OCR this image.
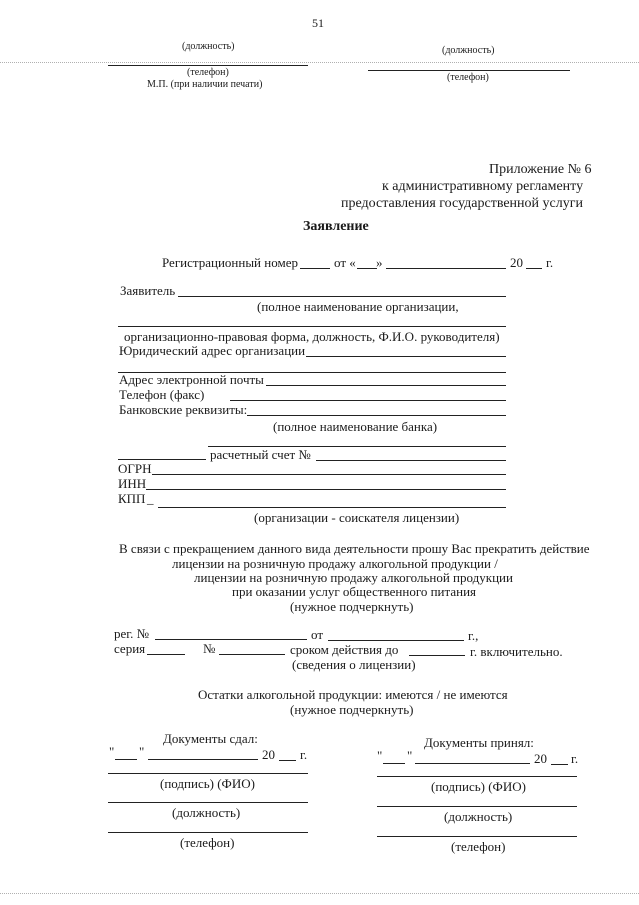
51
(должность)	(должность)
(телефон)	(телефон)
М.П. (при наличии печати)
Приложение № 6
к административному регламенту
предоставления государственной услуги
Заявление
Регистрационный номер	от « »	20 г.
Заявитель
(полное наименование организации,
организационно-правовая форма, должность, Ф.И.О. руководителя)
Юридический адрес организации
Адрес электронной почты
Телефон (факс)
Банковские реквизиты:
(полное наименование банка)
расчетный счет №
ОГРН
ИНН
КПП _
(организации - соискателя лицензии)
В связи с прекращением данного вида деятельности прошу Вас прекратить действие
лицензии на розничную продажу алкогольной продукции /
лицензии на розничную продажу алкогольной продукции
при оказании услуг общественного питания
(нужное подчеркнуть)
рег. №	от	г.,
серия	№	сроком действия до	г. включительно.
(сведения о лицензии)
Остатки алкогольной продукции: имеются / не имеются
(нужное подчеркнуть)
Документы сдал:
" "	20 г.
(подпись) (ФИО)
(должность)
(телефон)
Документы принял:
" "	20 г.
(подпись) (ФИО)
(должность)
(телефон)
